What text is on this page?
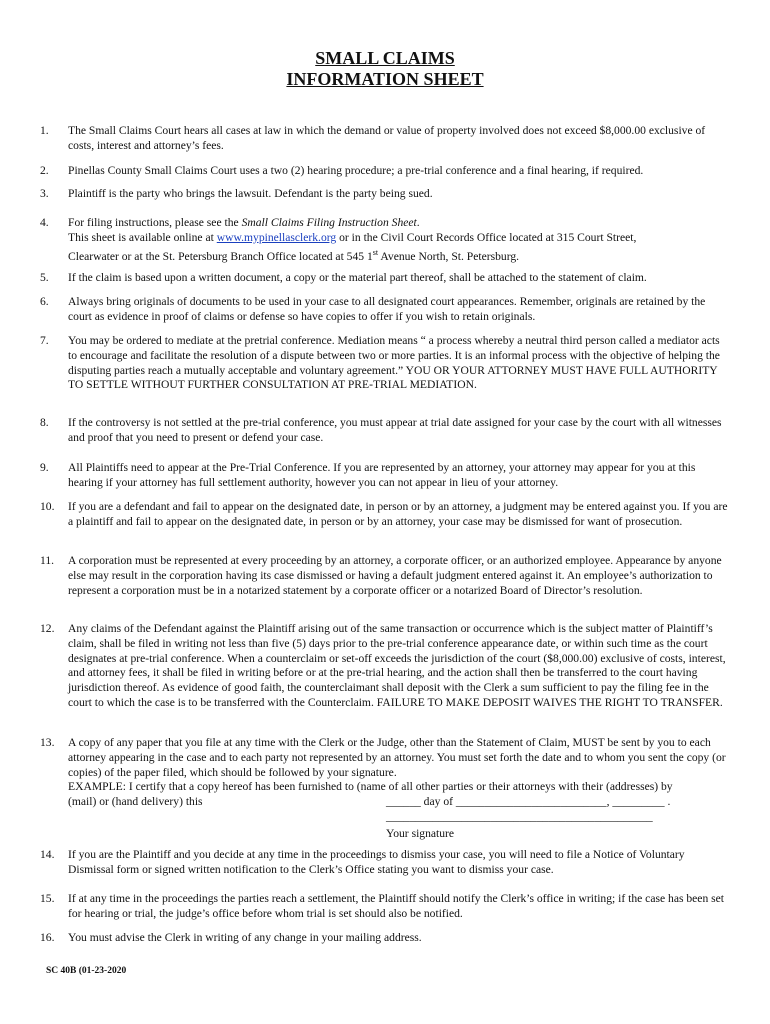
SMALL CLAIMS
INFORMATION SHEET
1.	The Small Claims Court hears all cases at law in which the demand or value of property involved does not exceed $8,000.00 exclusive of costs, interest and attorney’s fees.
2.	Pinellas County Small Claims Court uses a two (2) hearing procedure; a pre-trial conference and a final hearing, if required.
3.	Plaintiff is the party who brings the lawsuit. Defendant is the party being sued.
4.	For filing instructions, please see the Small Claims Filing Instruction Sheet.
This sheet is available online at www.mypinellasclerk.org or in the Civil Court Records Office located at 315 Court Street,
Clearwater or at the St. Petersburg Branch Office located at 545 1st Avenue North, St. Petersburg.
5.	If the claim is based upon a written document, a copy or the material part thereof, shall be attached to the statement of claim.
6.	Always bring originals of documents to be used in your case to all designated court appearances. Remember, originals are retained by the court as evidence in proof of claims or defense so have copies to offer if you wish to retain originals.
7.	You may be ordered to mediate at the pretrial conference. Mediation means “ a process whereby a neutral third person called a mediator acts to encourage and facilitate the resolution of a dispute between two or more parties. It is an informal process with the objective of helping the disputing parties reach a mutually acceptable and voluntary agreement.” YOU OR YOUR ATTORNEY MUST HAVE FULL AUTHORITY TO SETTLE WITHOUT FURTHER CONSULTATION AT PRE-TRIAL MEDIATION.
8.	If the controversy is not settled at the pre-trial conference, you must appear at trial date assigned for your case by the court with all witnesses and proof that you need to present or defend your case.
9.	All Plaintiffs need to appear at the Pre-Trial Conference. If you are represented by an attorney, your attorney may appear for you at this hearing if your attorney has full settlement authority, however you can not appear in lieu of your attorney.
10.	If you are a defendant and fail to appear on the designated date, in person or by an attorney, a judgment may be entered against you. If you are a plaintiff and fail to appear on the designated date, in person or by an attorney, your case may be dismissed for want of prosecution.
11.	A corporation must be represented at every proceeding by an attorney, a corporate officer, or an authorized employee. Appearance by anyone else may result in the corporation having its case dismissed or having a default judgment entered against it. An employee’s authorization to represent a corporation must be in a notarized statement by a corporate officer or a notarized Board of Director’s resolution.
12.	Any claims of the Defendant against the Plaintiff arising out of the same transaction or occurrence which is the subject matter of Plaintiff’s claim, shall be filed in writing not less than five (5) days prior to the pre-trial conference appearance date, or within such time as the court designates at pre-trial conference. When a counterclaim or set-off exceeds the jurisdiction of the court ($8,000.00) exclusive of costs, interest, and attorney fees, it shall be filed in writing before or at the pre-trial hearing, and the action shall then be transferred to the court having jurisdiction thereof. As evidence of good faith, the counterclaimant shall deposit with the Clerk a sum sufficient to pay the filing fee in the court to which the case is to be transferred with the Counterclaim. FAILURE TO MAKE DEPOSIT WAIVES THE RIGHT TO TRANSFER.
13.	A copy of any paper that you file at any time with the Clerk or the Judge, other than the Statement of Claim, MUST be sent by you to each attorney appearing in the case and to each party not represented by an attorney. You must set forth the date and to whom you sent the copy (or copies) of the paper filed, which should be followed by your signature.
EXAMPLE: I certify that a copy hereof has been furnished to (name of all other parties or their attorneys with their (addresses) by
(mail) or (hand delivery) this	______ day of __________________________, _________ .

______________________________________________
Your signature
14.	If you are the Plaintiff and you decide at any time in the proceedings to dismiss your case, you will need to file a Notice of Voluntary Dismissal form or signed written notification to the Clerk’s Office stating you want to dismiss your case.
15.	If at any time in the proceedings the parties reach a settlement, the Plaintiff should notify the Clerk’s office in writing; if the case has been set for hearing or trial, the judge’s office before whom trial is set should also be notified.
16.	You must advise the Clerk in writing of any change in your mailing address.
SC 40B (01-23-2020
